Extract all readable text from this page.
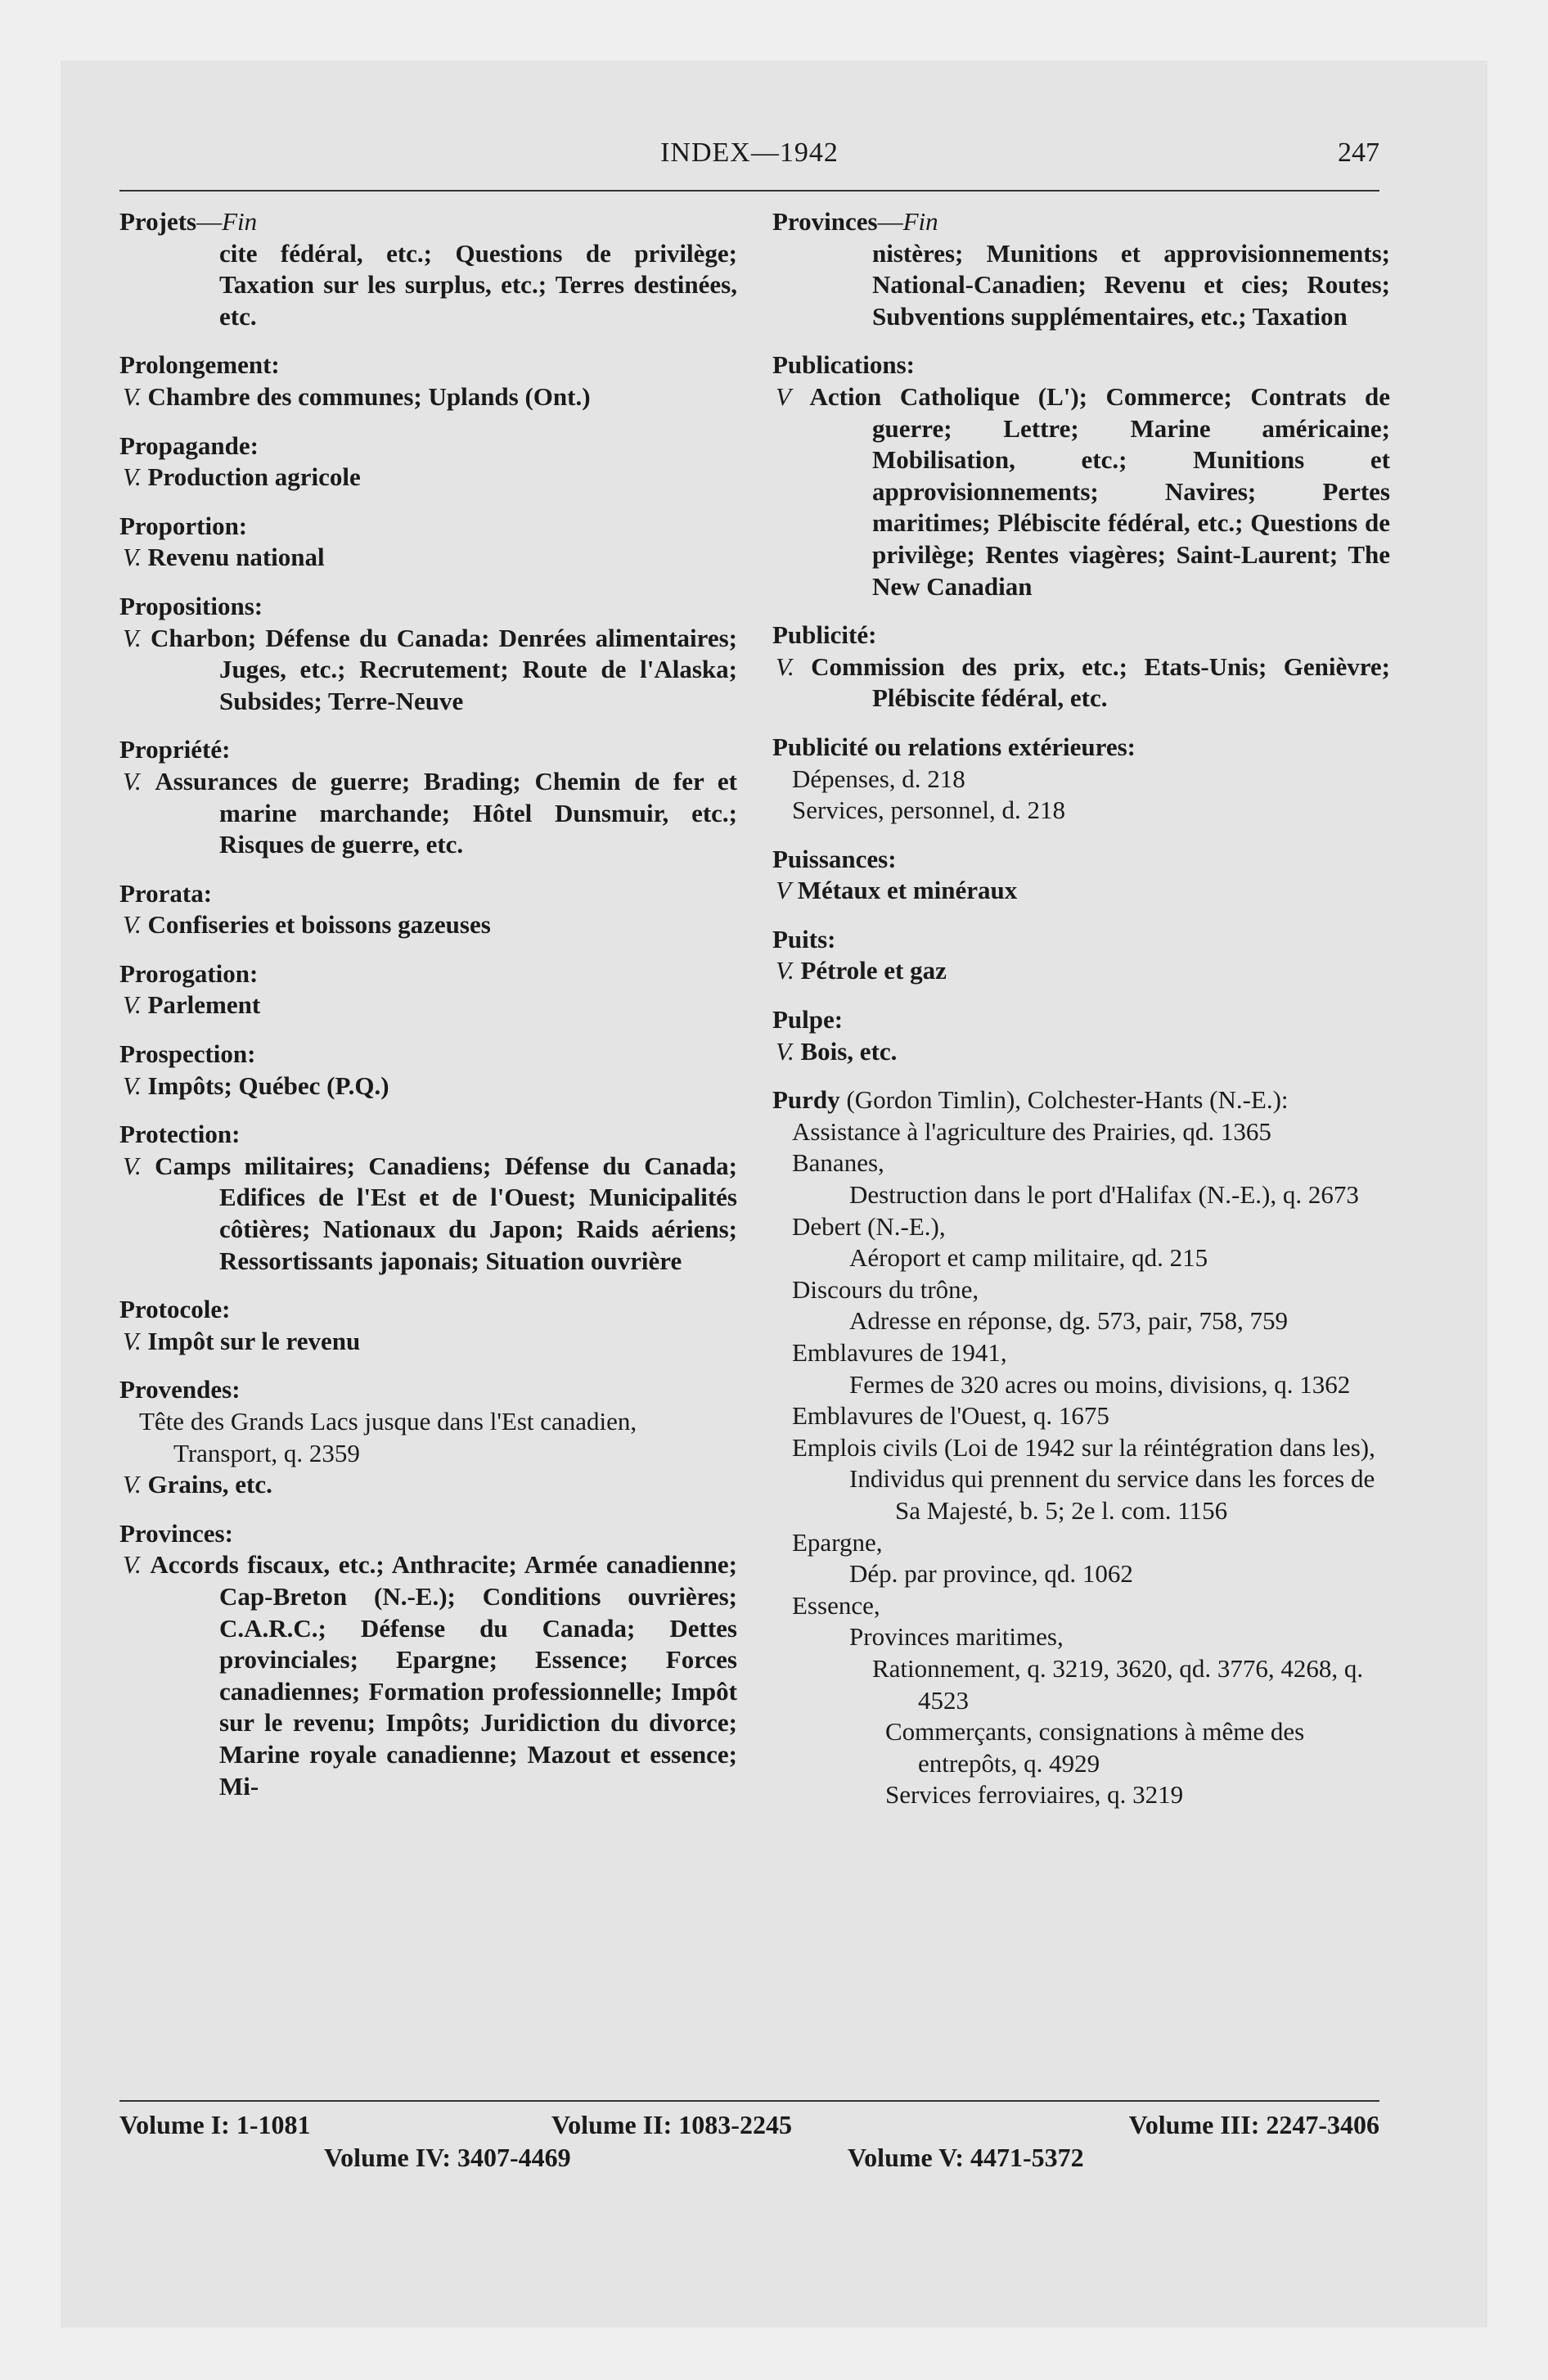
INDEX—1942	247
Projets—Fin
cite fédéral, etc.; Questions de privilège; Taxation sur les surplus, etc.; Terres destinées, etc.
Prolongement:
V. Chambre des communes; Uplands (Ont.)
Propagande:
V. Production agricole
Proportion:
V. Revenu national
Propositions:
V. Charbon; Défense du Canada: Denrées alimentaires; Juges, etc.; Recrutement; Route de l'Alaska; Subsides; Terre-Neuve
Propriété:
V. Assurances de guerre; Brading; Chemin de fer et marine marchande; Hôtel Dunsmuir, etc.; Risques de guerre, etc.
Prorata:
V. Confiseries et boissons gazeuses
Prorogation:
V. Parlement
Prospection:
V. Impôts; Québec (P.Q.)
Protection:
V. Camps militaires; Canadiens; Défense du Canada; Edifices de l'Est et de l'Ouest; Municipalités côtières; Nationaux du Japon; Raids aériens; Ressortissants japonais; Situation ouvrière
Protocole:
V. Impôt sur le revenu
Provendes:
Tête des Grands Lacs jusque dans l'Est canadien,
Transport, q. 2359
V. Grains, etc.
Provinces:
V. Accords fiscaux, etc.; Anthracite; Armée canadienne; Cap-Breton (N.-E.); Conditions ouvrières; C.A.R.C.; Défense du Canada; Dettes provinciales; Epargne; Essence; Forces canadiennes; Formation professionnelle; Impôt sur le revenu; Impôts; Juridiction du divorce; Marine royale canadienne; Mazout et essence; Mi-
Provinces—Fin
nistères; Munitions et approvisionnements; National-Canadien; Revenu et cies; Routes; Subventions supplémentaires, etc.; Taxation
Publications:
V Action Catholique (L'); Commerce; Contrats de guerre; Lettre; Marine américaine; Mobilisation, etc.; Munitions et approvisionnements; Navires; Pertes maritimes; Plébiscite fédéral, etc.; Questions de privilège; Rentes viagères; Saint-Laurent; The New Canadian
Publicité:
V. Commission des prix, etc.; Etats-Unis; Genièvre; Plébiscite fédéral, etc.
Publicité ou relations extérieures:
Dépenses, d. 218
Services, personnel, d. 218
Puissances:
V Métaux et minéraux
Puits:
V. Pétrole et gaz
Pulpe:
V. Bois, etc.
Purdy (Gordon Timlin), Colchester-Hants (N.-E.):
Assistance à l'agriculture des Prairies, qd. 1365
Bananes,
Destruction dans le port d'Halifax (N.-E.), q. 2673
Debert (N.-E.),
Aéroport et camp militaire, qd. 215
Discours du trône,
Adresse en réponse, dg. 573, pair, 758, 759
Emblavures de 1941,
Fermes de 320 acres ou moins, divisions, q. 1362
Emblavures de l'Ouest, q. 1675
Emplois civils (Loi de 1942 sur la réintégration dans les),
Individus qui prennent du service dans les forces de Sa Majesté, b. 5; 2e l. com. 1156
Epargne,
Dép. par province, qd. 1062
Essence,
Provinces maritimes,
Rationnement, q. 3219, 3620, qd. 3776, 4268, q. 4523
Commerçants, consignations à même des entrepôts, q. 4929
Services ferroviaires, q. 3219
Volume I: 1-1081	Volume II: 1083-2245	Volume III: 2247-3406
Volume IV: 3407-4469	Volume V: 4471-5372
